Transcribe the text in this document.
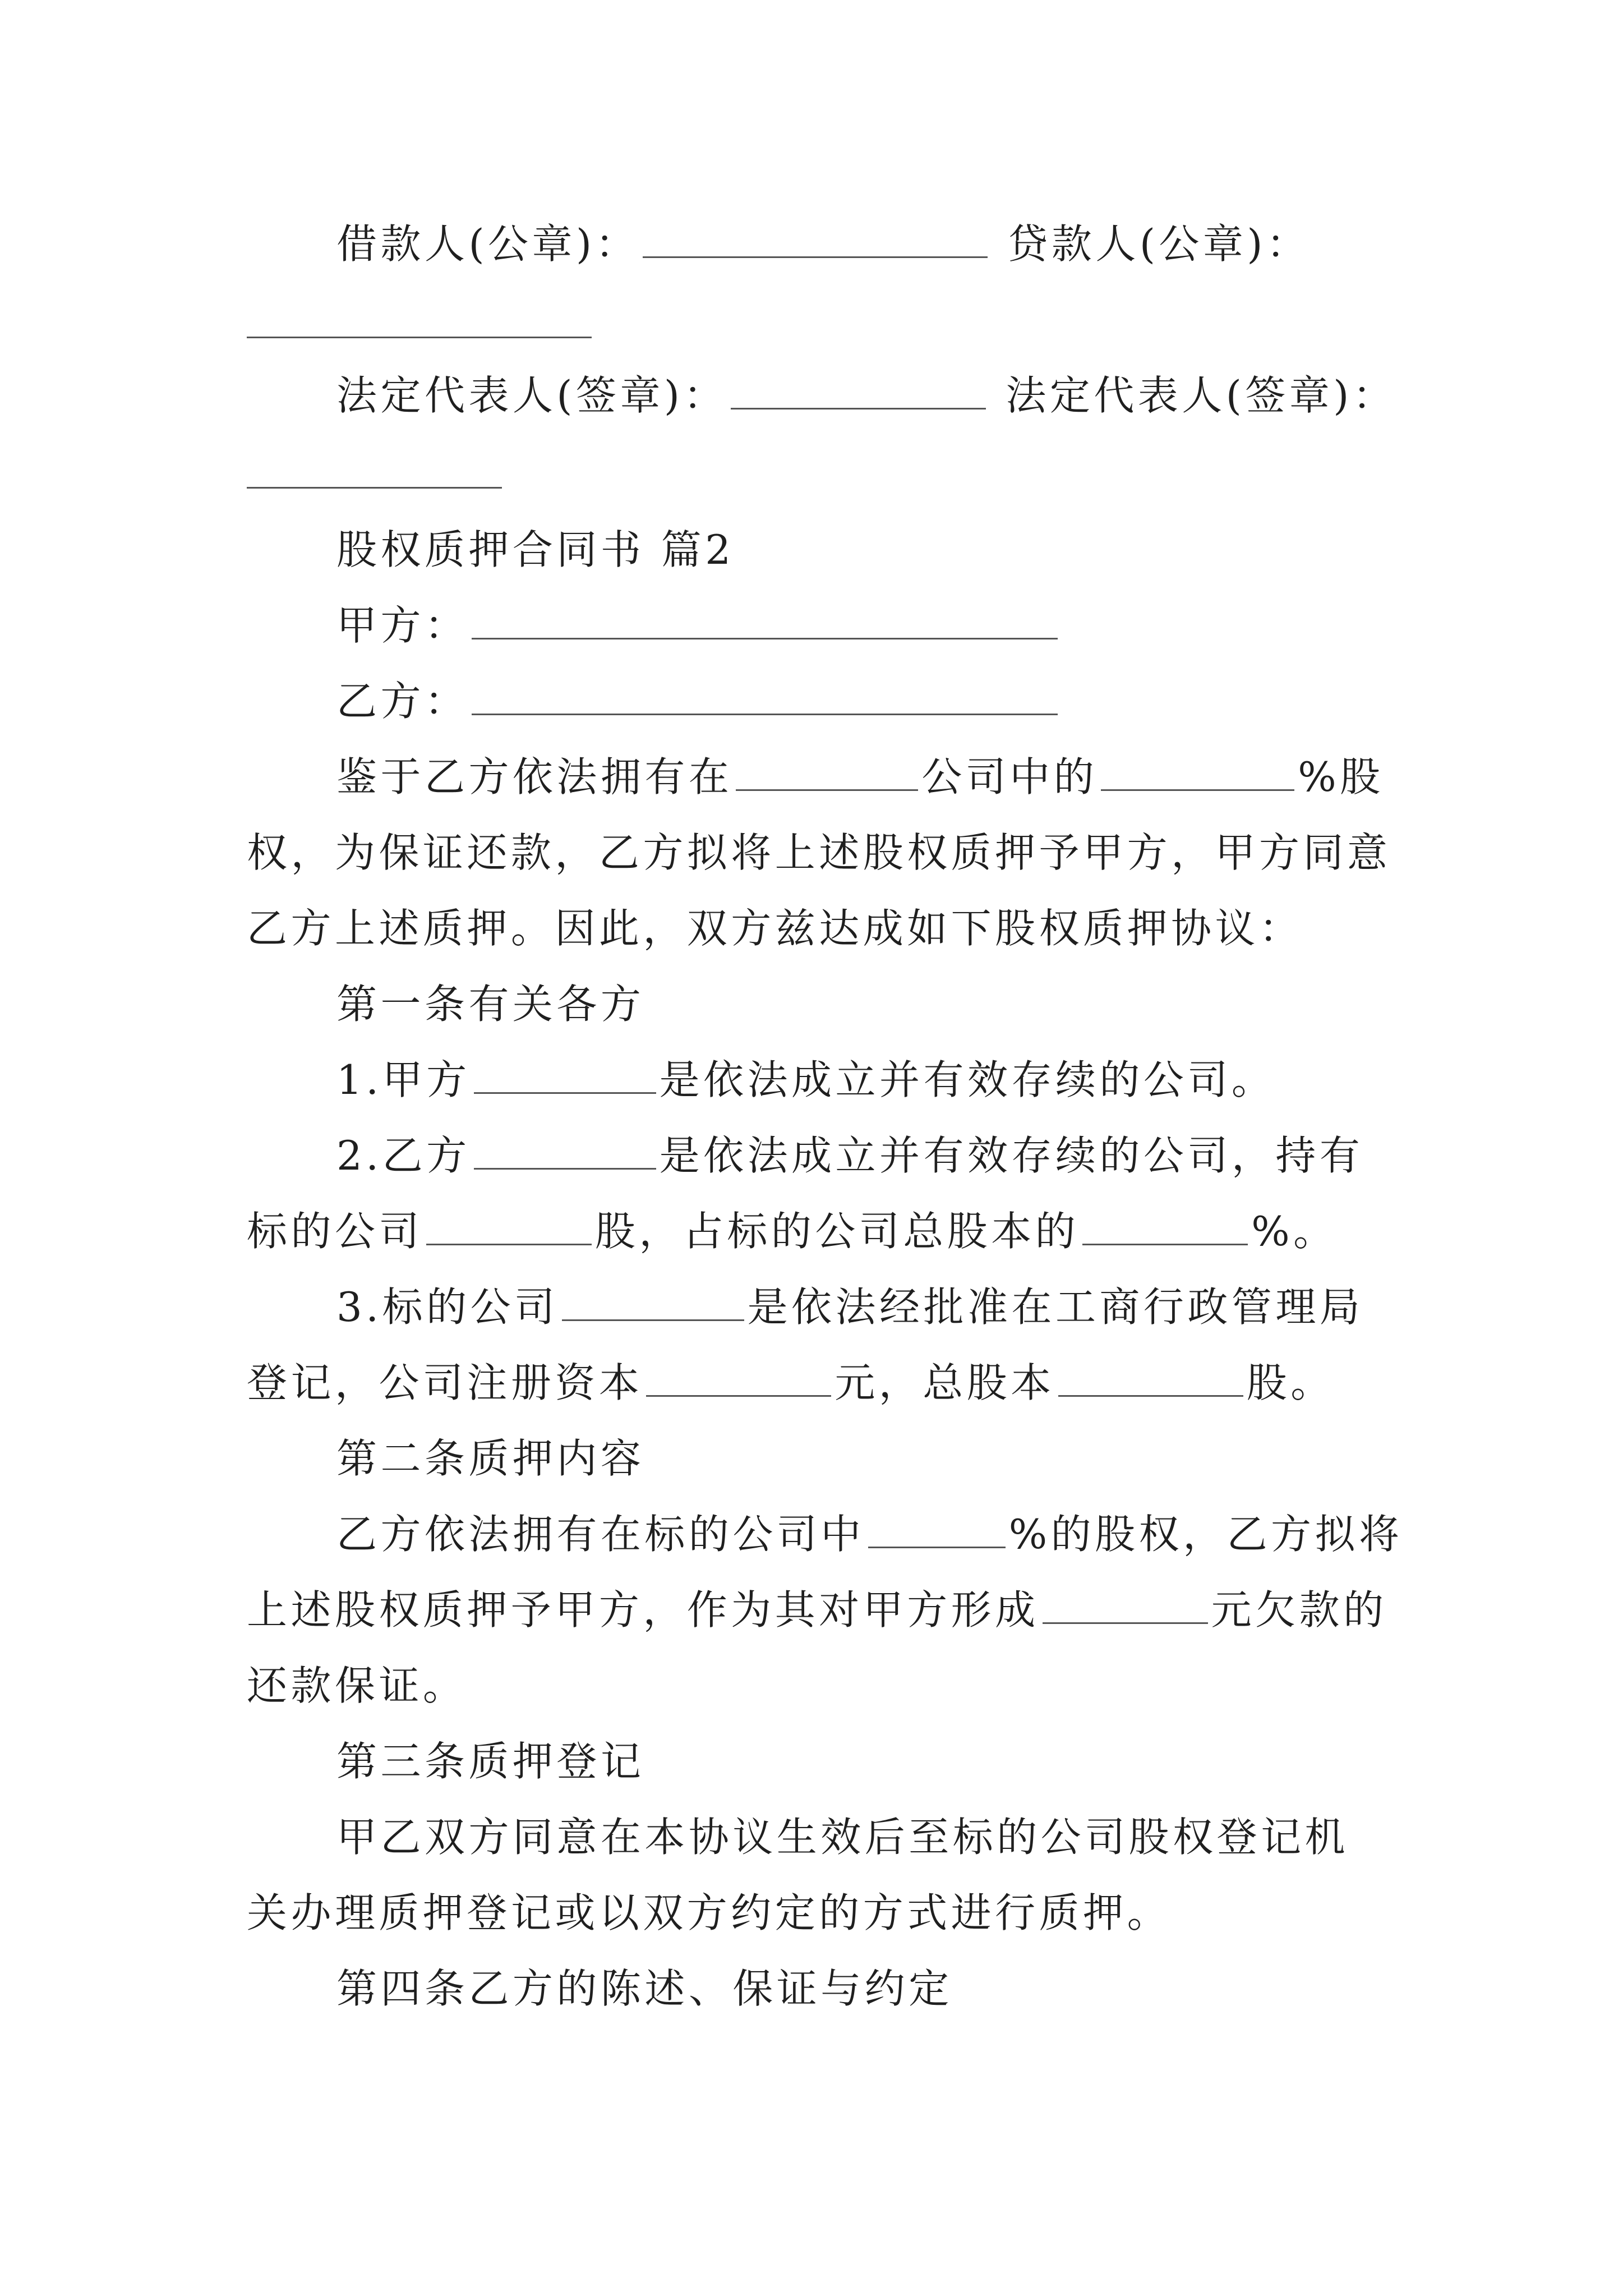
借款人(公章)：	贷款人(公章)：
法定代表人(签章)：	法定代表人(签章)：
股权质押合同书 篇2
甲方：
乙方：
鉴于乙方依法拥有在	公司中的	%股
权，为保证还款，乙方拟将上述股权质押予甲方，甲方同意
乙方上述质押。因此，双方兹达成如下股权质押协议：
第一条有关各方
1.甲方	是依法成立并有效存续的公司。
2.乙方	是依法成立并有效存续的公司，持有
标的公司	股，占标的公司总股本的	%。
3.标的公司	是依法经批准在工商行政管理局
登记，公司注册资本	元，总股本	股。
第二条质押内容
乙方依法拥有在标的公司中	%的股权，乙方拟将
上述股权质押予甲方，作为其对甲方形成	元欠款的
还款保证。
第三条质押登记
甲乙双方同意在本协议生效后至标的公司股权登记机
关办理质押登记或以双方约定的方式进行质押。
第四条乙方的陈述、保证与约定
